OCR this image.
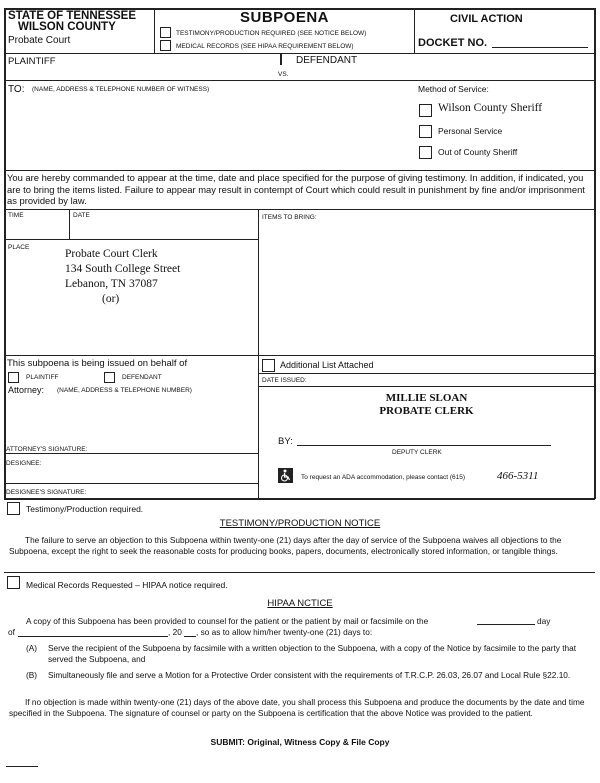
STATE OF TENNESSEE
WILSON COUNTY
Probate Court
SUBPOENA
TESTIMONY/PRODUCTION REQUIRED (SEE NOTICE BELOW)
MEDICAL RECORDS (SEE HIPAA REQUIREMENT BELOW)
CIVIL ACTION
DOCKET NO.
PLAINTIFF	DEFENDANT
VS.
TO: (NAME, ADDRESS & TELEPHONE NUMBER OF WITNESS)	Method of Service:
Wilson County Sheriff
Personal Service
Out of County Sheriff
You are hereby commanded to appear at the time, date and place specified for the purpose of giving testimony. In addition, if indicated, you are to bring the items listed. Failure to appear may result in contempt of Court which could result in punishment by fine and/or imprisonment as provided by law.
TIME	DATE	ITEMS TO BRING:
PLACE
Probate Court Clerk
134 South College Street
Lebanon, TN 37087
(or)
This subpoena is being issued on behalf of
PLAINTIFF	DEFENDANT
Attorney: (NAME, ADDRESS & TELEPHONE NUMBER)
ATTORNEY'S SIGNATURE:
DESIGNEE:
DESIGNEE'S SIGNATURE:
Additional List Attached
DATE ISSUED:
MILLIE SLOAN
PROBATE CLERK
BY:
DEPUTY CLERK
To request an ADA accommodation, please contact (615)	466-5311
Testimony/Production required.
TESTIMONY/PRODUCTION NOTICE
The failure to serve an objection to this Subpoena within twenty-one (21) days after the day of service of the Subpoena waives all objections to the Subpoena, except the right to seek the reasonable costs for producing books, papers, documents, electronically stored information, or tangible things.
Medical Records Requested – HIPAA notice required.
HIPAA NCTICE
A copy of this Subpoena has been provided to counsel for the patient or the patient by mail or facsimile on the	day
of	, 20 , so as to allow him/her twenty-one (21) days to:
(A) Serve the recipient of the Subpoena by facsimile with a written objection to the Subpoena, with a copy of the Notice by facsimile to the party that served the Subpoena, and
(B) Simultaneously file and serve a Motion for a Protective Order consistent with the requirements of T.R.C.P. 26.03, 26.07 and Local Rule §22.10.
If no objection is made within twenty-one (21) days of the above date, you shall process this Subpoena and produce the documents by the date and time specified in the Subpoena. The signature of counsel or party on the Subpoena is certification that the above Notice was provided to the patient.
SUBMIT: Original, Witness Copy & File Copy
